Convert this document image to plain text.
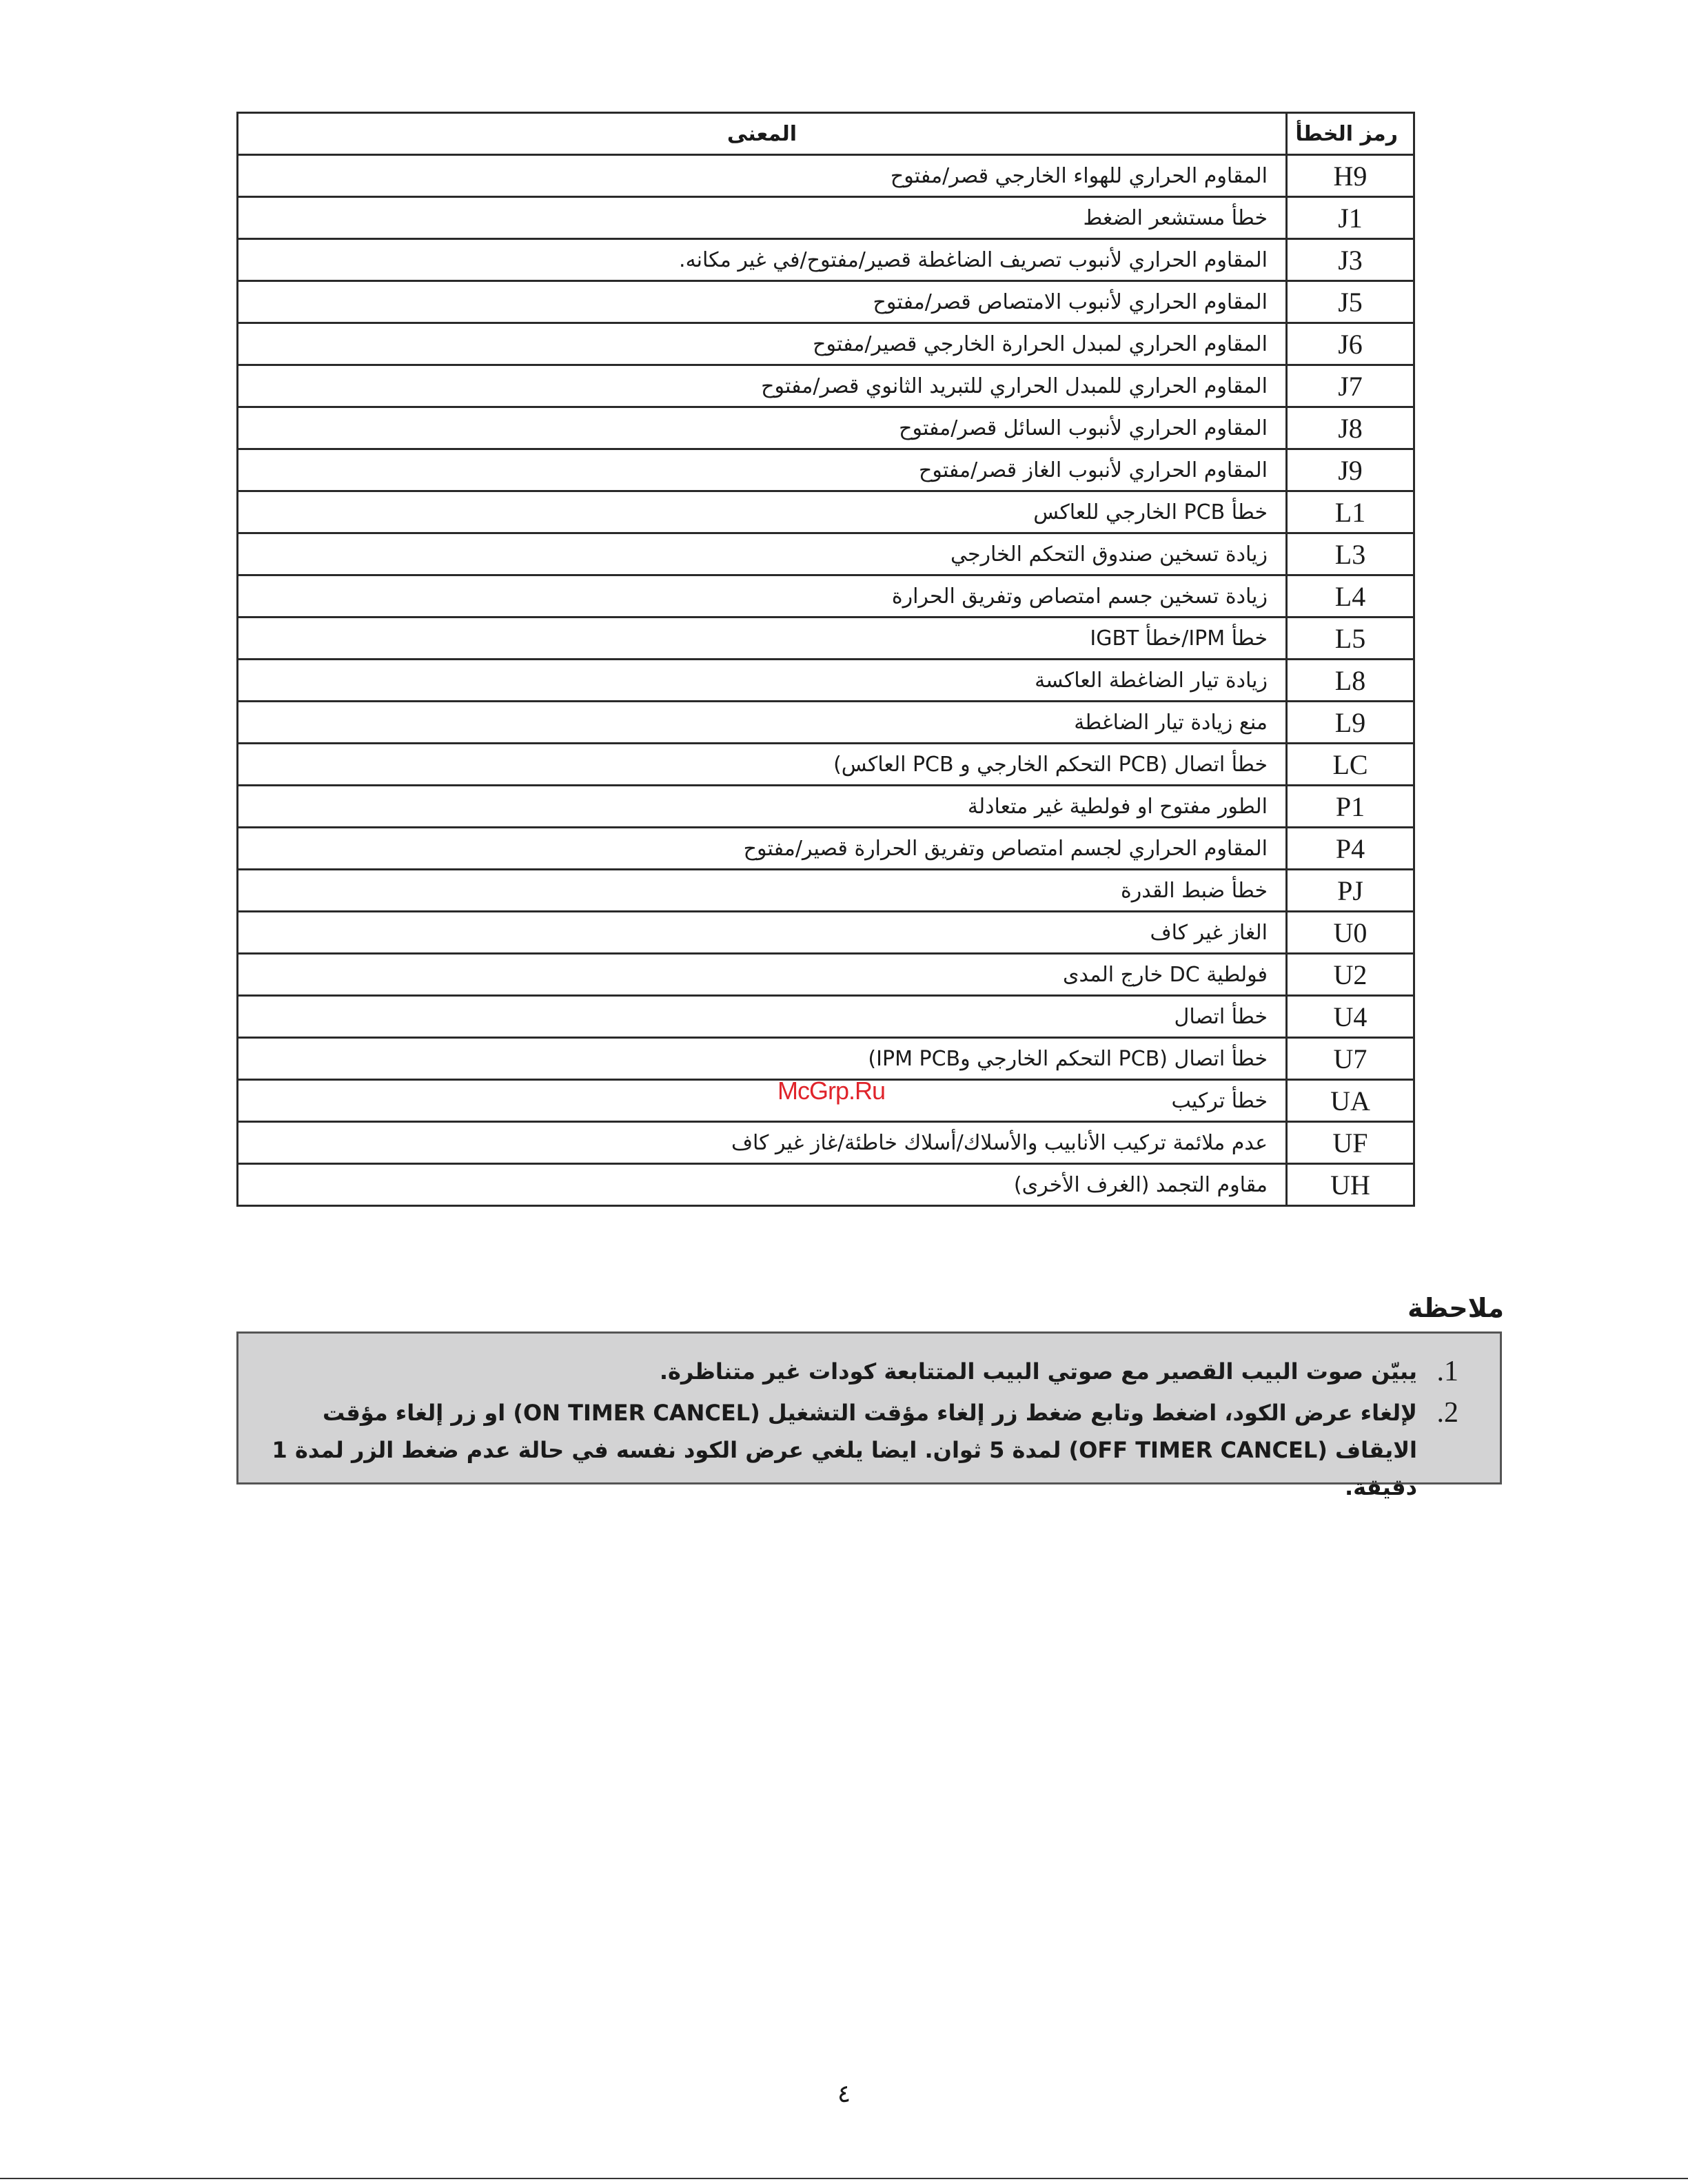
رمز الخطأ	المعنى
H9	المقاوم الحراري للهواء الخارجي قصر/مفتوح
J1	خطأ مستشعر الضغط
J3	المقاوم الحراري لأنبوب تصريف الضاغطة قصير/مفتوح/في غير مكانه.
J5	المقاوم الحراري لأنبوب الامتصاص قصر/مفتوح
J6	المقاوم الحراري لمبدل الحرارة الخارجي قصير/مفتوح
J7	المقاوم الحراري للمبدل الحراري للتبريد الثانوي قصر/مفتوح
J8	المقاوم الحراري لأنبوب السائل قصر/مفتوح
J9	المقاوم الحراري لأنبوب الغاز قصر/مفتوح
L1	خطأ PCB الخارجي للعاكس
L3	زيادة تسخين صندوق التحكم الخارجي
L4	زيادة تسخين جسم امتصاص وتفريق الحرارة
L5	خطأ IPM/خطأ IGBT
L8	زيادة تيار الضاغطة العاكسة
L9	منع زيادة تيار الضاغطة
LC	خطأ اتصال (PCB التحكم الخارجي و PCB العاكس)
P1	الطور مفتوح او فولطية غير متعادلة
P4	المقاوم الحراري لجسم امتصاص وتفريق الحرارة قصير/مفتوح
PJ	خطأ ضبط القدرة
U0	الغاز غير كاف
U2	فولطية DC خارج المدى
U4	خطأ اتصال
U7	خطأ اتصال (PCB التحكم الخارجي وIPM PCB)
UA	خطأ تركيب
UF	عدم ملائمة تركيب الأنابيب والأسلاك/أسلاك خاطئة/غاز غير كاف
UH	مقاوم التجمد (الغرف الأخرى)
McGrp.Ru
ملاحظة
1.
يبيّن صوت البيب القصير مع صوتي البيب المتتابعة كودات غير متناظرة.
2.
لإلغاء عرض الكود، اضغط وتابع ضغط زر إلغاء مؤقت التشغيل (ON TIMER CANCEL) او زر إلغاء مؤقت الايقاف (OFF TIMER CANCEL) لمدة 5 ثوان. ايضا يلغي عرض الكود نفسه في حالة عدم ضغط الزر لمدة 1 دقيقة.
٤
